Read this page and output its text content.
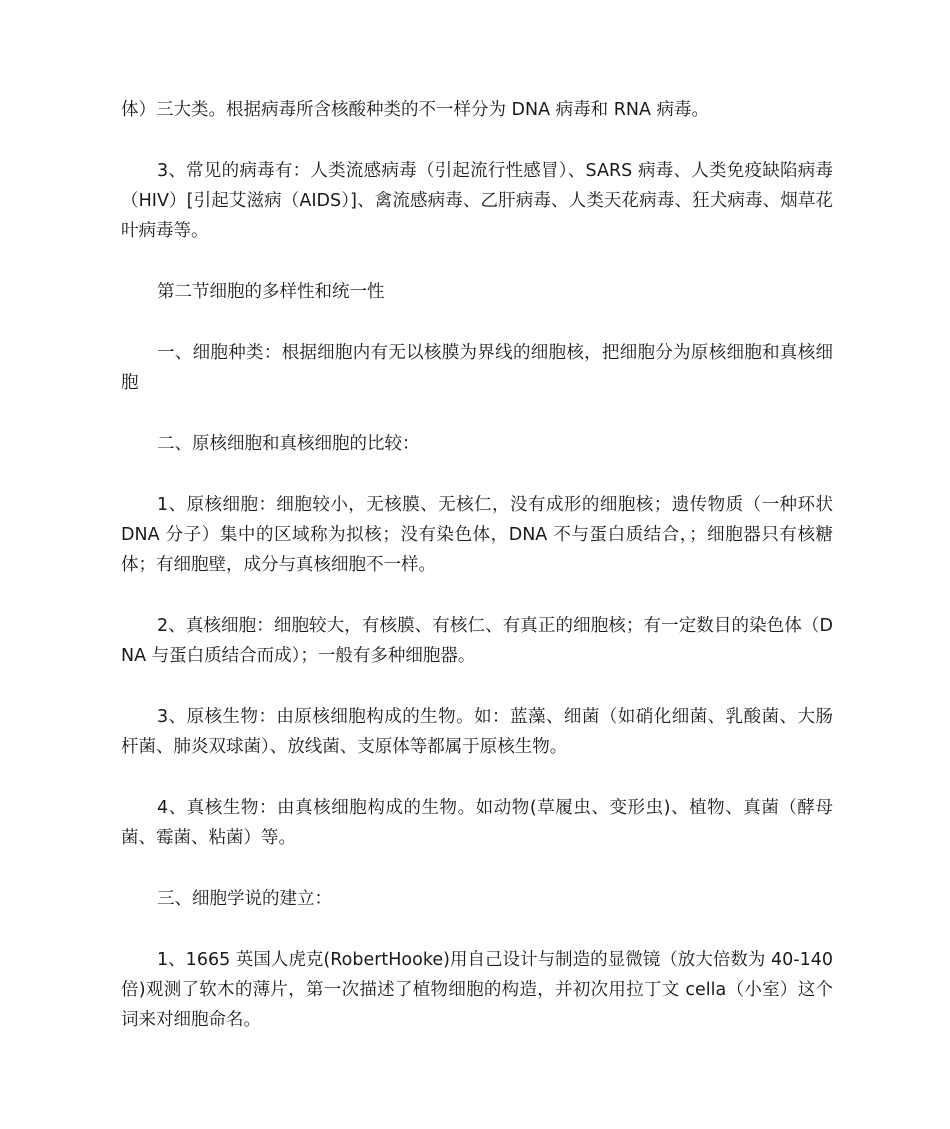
体）三大类。根据病毒所含核酸种类的不一样分为 DNA 病毒和 RNA 病毒。

3、常见的病毒有：人类流感病毒（引起流行性感冒）、SARS 病毒、人类免疫缺陷病毒（HIV）[引起艾滋病（AIDS）]、禽流感病毒、乙肝病毒、人类天花病毒、狂犬病毒、烟草花叶病毒等。

第二节细胞的多样性和统一性

一、细胞种类：根据细胞内有无以核膜为界线的细胞核，把细胞分为原核细胞和真核细胞

二、原核细胞和真核细胞的比较：

1、原核细胞：细胞较小，无核膜、无核仁，没有成形的细胞核；遗传物质（一种环状 DNA 分子）集中的区域称为拟核；没有染色体，DNA 不与蛋白质结合，；细胞器只有核糖体；有细胞壁，成分与真核细胞不一样。

2、真核细胞：细胞较大，有核膜、有核仁、有真正的细胞核；有一定数目的染色体（DNA 与蛋白质结合而成）；一般有多种细胞器。

3、原核生物：由原核细胞构成的生物。如：蓝藻、细菌（如硝化细菌、乳酸菌、大肠杆菌、肺炎双球菌）、放线菌、支原体等都属于原核生物。

4、真核生物：由真核细胞构成的生物。如动物(草履虫、变形虫)、植物、真菌（酵母菌、霉菌、粘菌）等。

三、细胞学说的建立：

1、1665 英国人虎克(RobertHooke)用自己设计与制造的显微镜（放大倍数为 40-140 倍)观测了软木的薄片，第一次描述了植物细胞的构造，并初次用拉丁文 cella（小室）这个词来对细胞命名。
